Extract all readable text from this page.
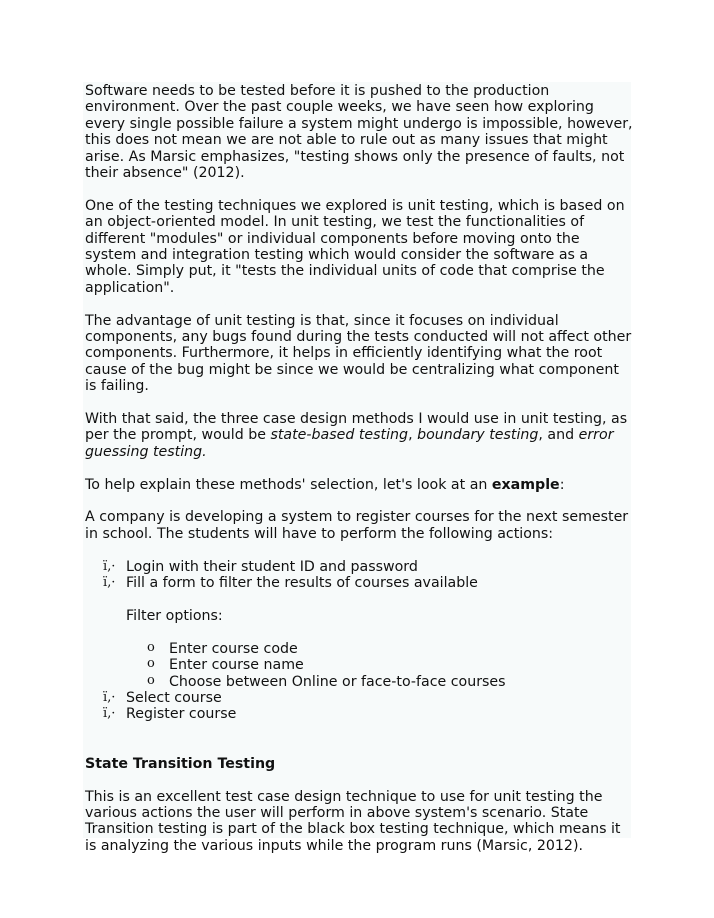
Software needs to be tested before it is pushed to the production environment. Over the past couple weeks, we have seen how exploring every single possible failure a system might undergo is impossible, however, this does not mean we are not able to rule out as many issues that might arise. As Marsic emphasizes, "testing shows only the presence of faults, not their absence" (2012).

One of the testing techniques we explored is unit testing, which is based on an object-oriented model. In unit testing, we test the functionalities of different "modules" or individual components before moving onto the system and integration testing which would consider the software as a whole. Simply put, it "tests the individual units of code that comprise the application".

The advantage of unit testing is that, since it focuses on individual components, any bugs found during the tests conducted will not affect other components. Furthermore, it helps in efficiently identifying what the root cause of the bug might be since we would be centralizing what component is failing.

With that said, the three case design methods I would use in unit testing, as per the prompt, would be state-based testing, boundary testing, and error guessing testing.

To help explain these methods' selection, let's look at an example:

A company is developing a system to register courses for the next semester in school. The students will have to perform the following actions:

ï‚· Login with their student ID and password
ï‚· Fill a form to filter the results of courses available
Filter options:
o Enter course code
o Enter course name
o Choose between Online or face-to-face courses
ï‚· Select course
ï‚· Register course

State Transition Testing

This is an excellent test case design technique to use for unit testing the various actions the user will perform in above system's scenario. State Transition testing is part of the black box testing technique, which means it is analyzing the various inputs while the program runs (Marsic, 2012).
